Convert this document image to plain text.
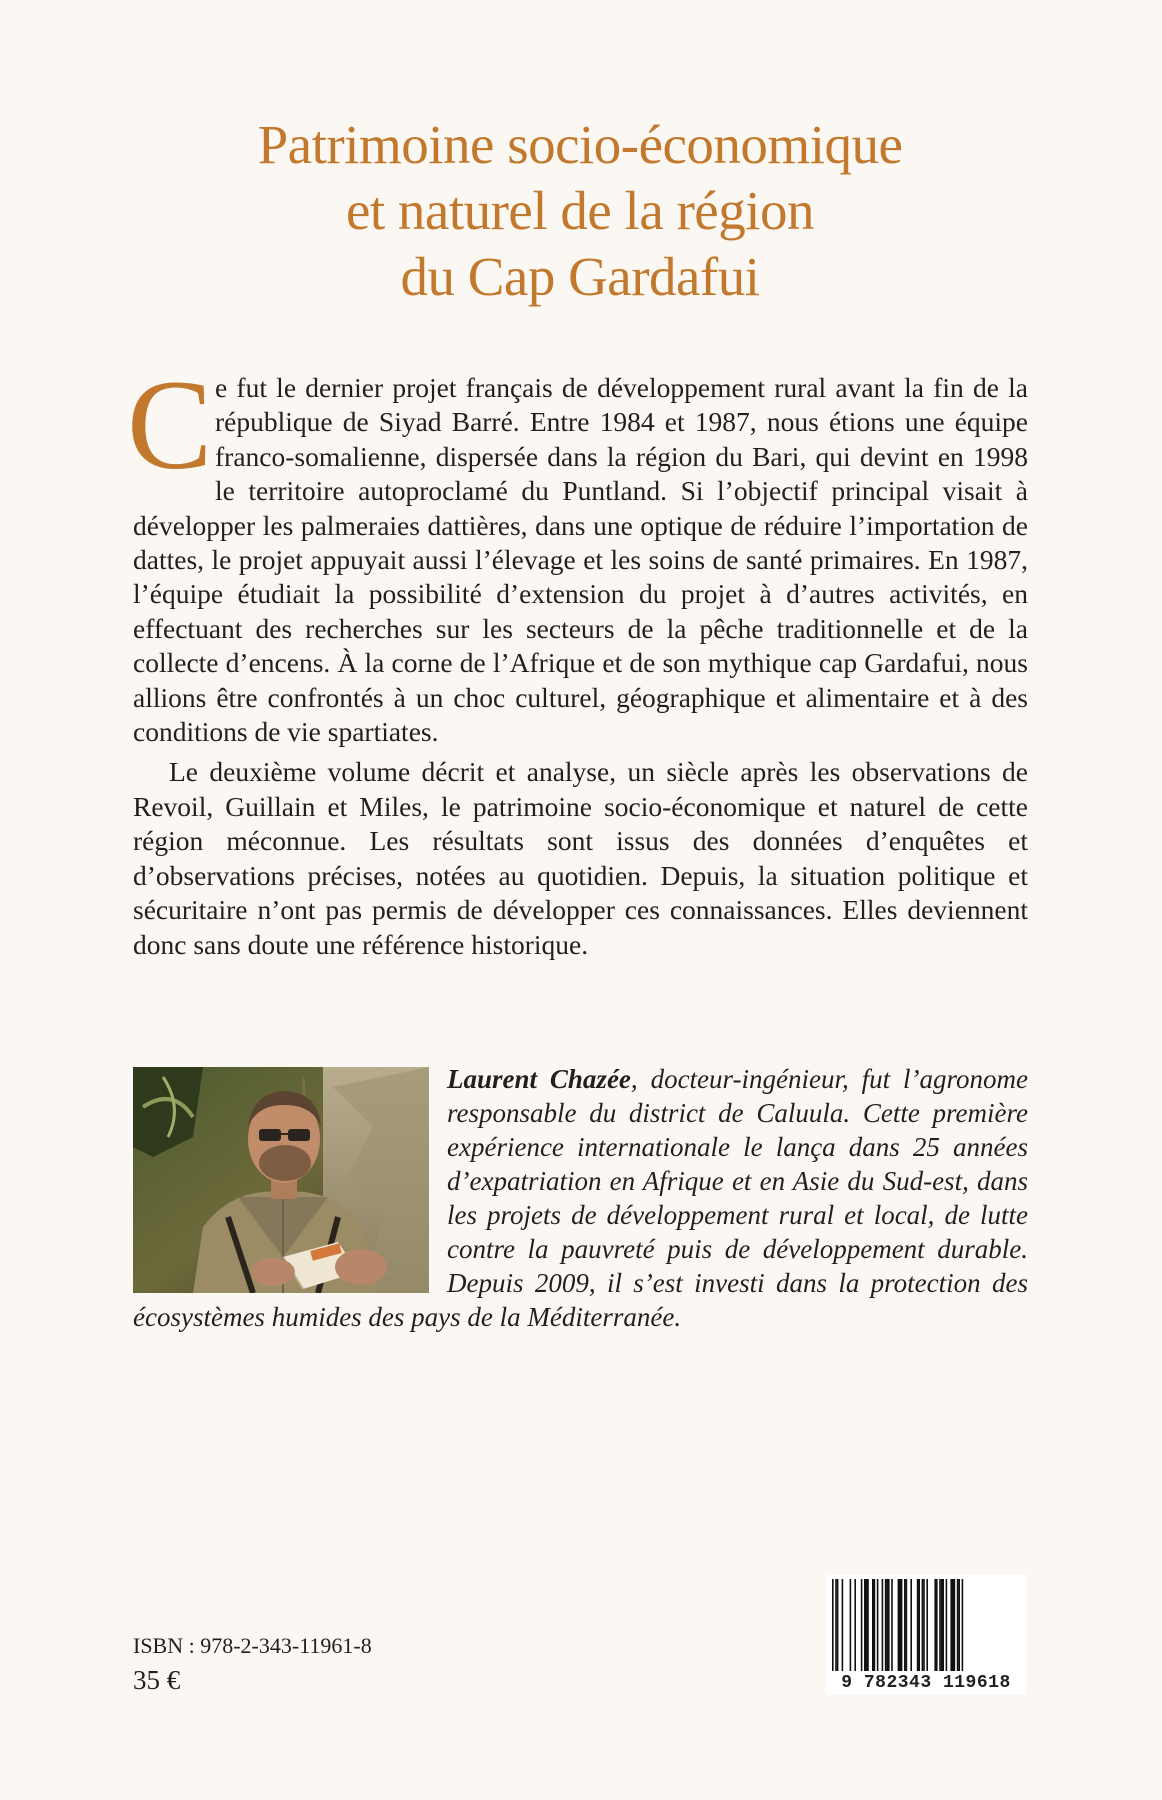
Patrimoine socio-économique
et naturel de la région
du Cap Gardafui

Ce fut le dernier projet français de développement rural avant la fin de la république de Siyad Barré. Entre 1984 et 1987, nous étions une équipe franco-somalienne, dispersée dans la région du Bari, qui devint en 1998 le territoire autoproclamé du Puntland. Si l’objectif principal visait à développer les palmeraies dattières, dans une optique de réduire l’importation de dattes, le projet appuyait aussi l’élevage et les soins de santé primaires. En 1987, l’équipe étudiait la possibilité d’extension du projet à d’autres activités, en effectuant des recherches sur les secteurs de la pêche traditionnelle et de la collecte d’encens. À la corne de l’Afrique et de son mythique cap Gardafui, nous allions être confrontés à un choc culturel, géographique et alimentaire et à des conditions de vie spartiates.

Le deuxième volume décrit et analyse, un siècle après les observations de Revoil, Guillain et Miles, le patrimoine socio-économique et naturel de cette région méconnue. Les résultats sont issus des données d’enquêtes et d’observations précises, notées au quotidien. Depuis, la situation politique et sécuritaire n’ont pas permis de développer ces connaissances. Elles deviennent donc sans doute une référence historique.

Laurent Chazée, docteur-ingénieur, fut l’agronome responsable du district de Caluula. Cette première expérience internationale le lança dans 25 années d’expatriation en Afrique et en Asie du Sud-est, dans les projets de développement rural et local, de lutte contre la pauvreté puis de développement durable. Depuis 2009, il s’est investi dans la protection des écosystèmes humides des pays de la Méditerranée.

ISBN : 978-2-343-11961-8
35 €	9 782343 119618
